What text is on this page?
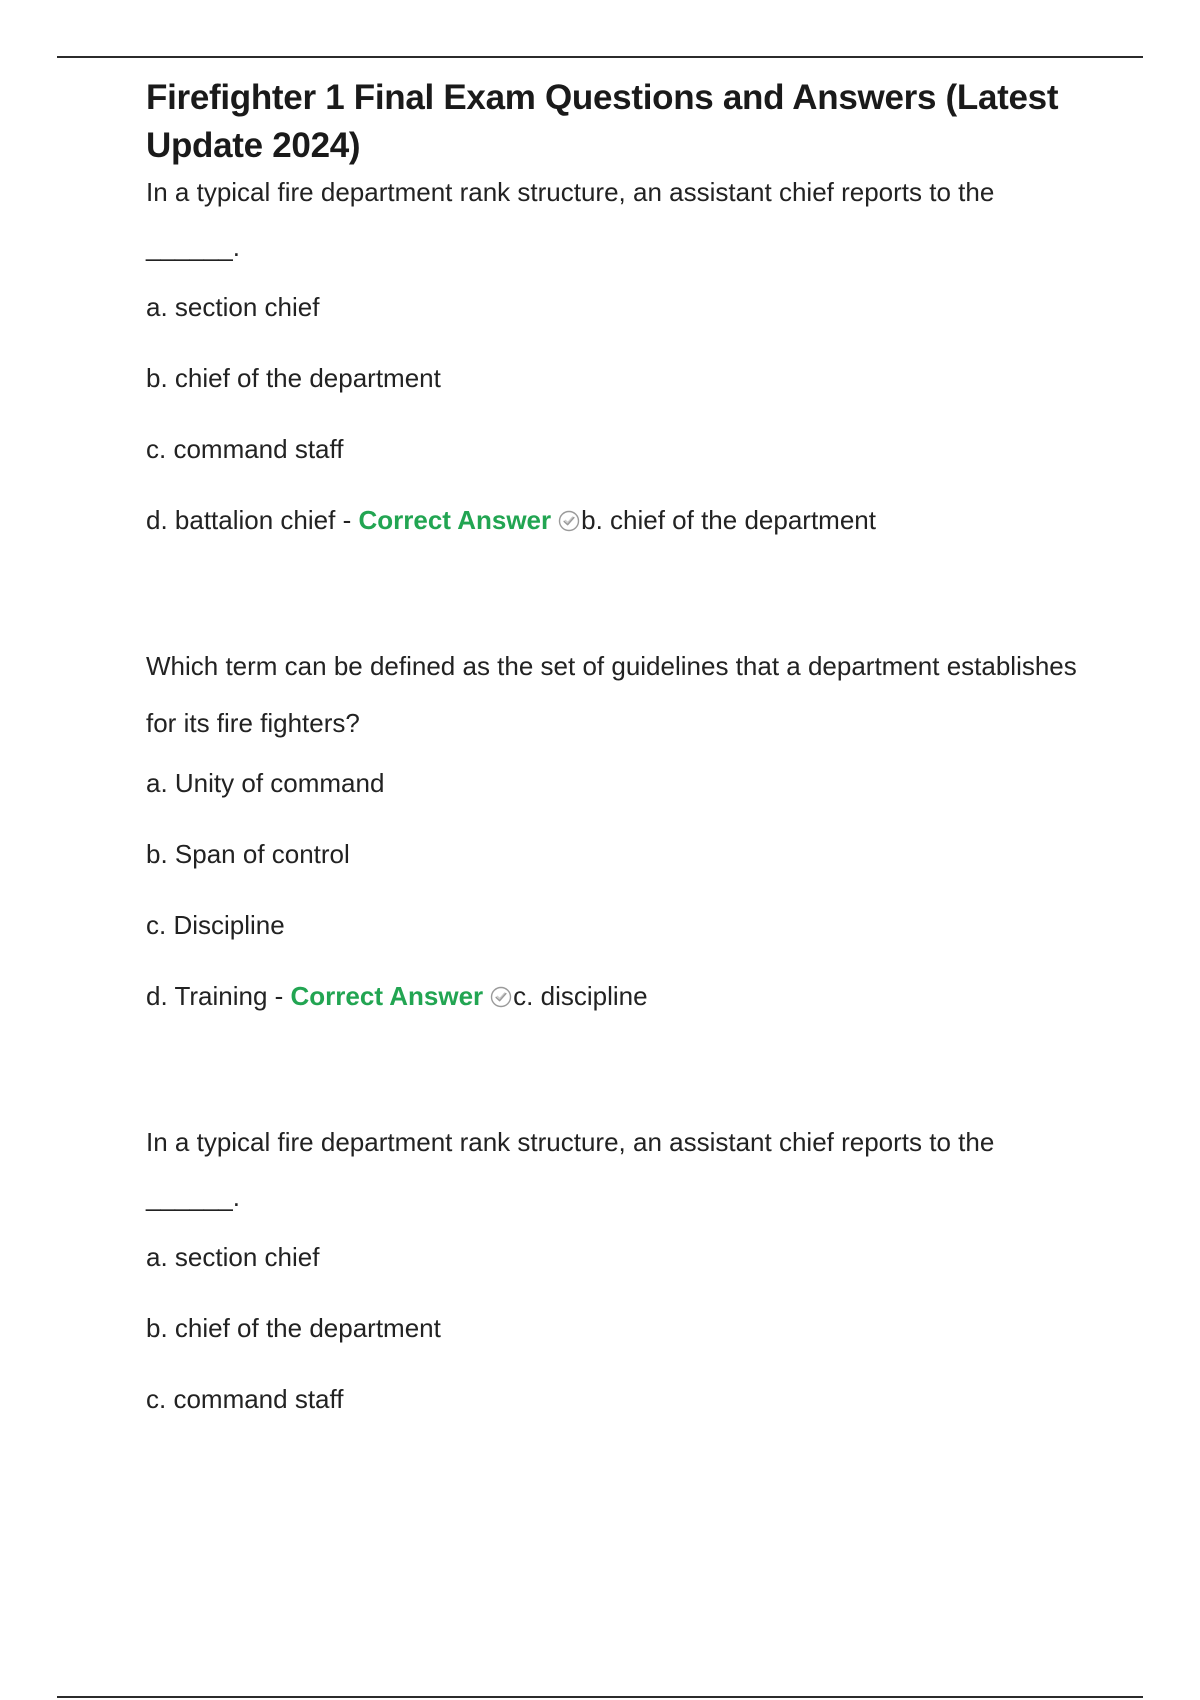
Firefighter 1 Final Exam Questions and Answers (Latest Update 2024)

In a typical fire department rank structure, an assistant chief reports to the

______.

a. section chief

b. chief of the department

c. command staff

d. battalion chief - Correct Answer b. chief of the department

Which term can be defined as the set of guidelines that a department establishes for its fire fighters?

a. Unity of command

b. Span of control

c. Discipline

d. Training - Correct Answer c. discipline

In a typical fire department rank structure, an assistant chief reports to the

______.

a. section chief

b. chief of the department

c. command staff
